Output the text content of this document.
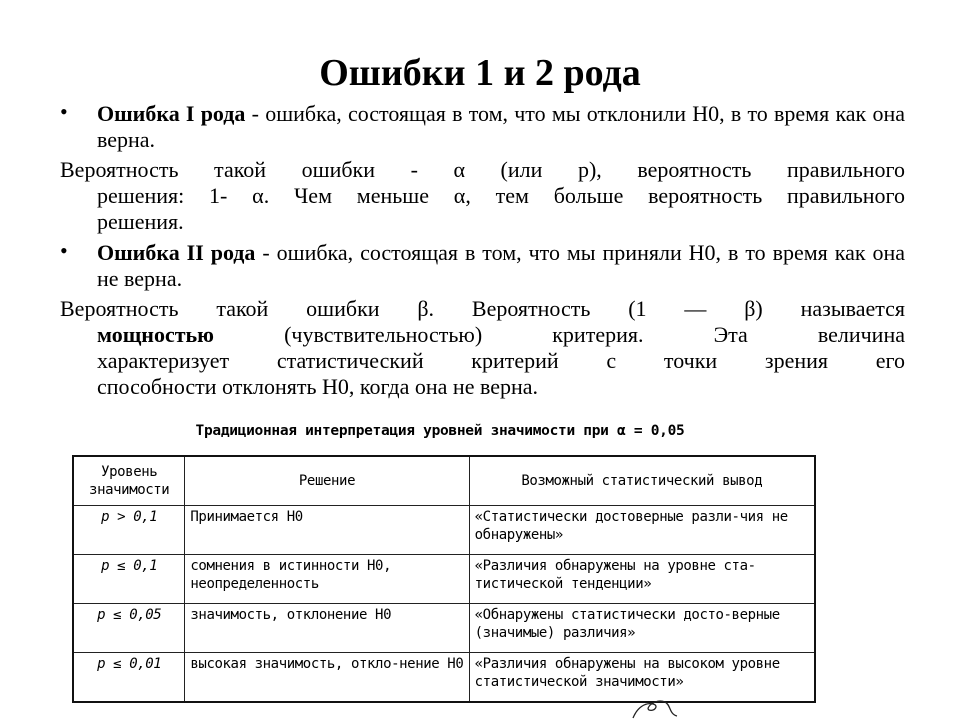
Ошибки 1 и 2 рода
• Ошибка I рода - ошибка, состоящая в том, что мы отклонили Н0, в то время как она верна.
Вероятность такой ошибки - α (или p), вероятность правильного
решения: 1- α. Чем меньше α, тем больше вероятность правильного
решения.
• Ошибка II рода - ошибка, состоящая в том, что мы приняли Н0, в то время как она не верна.
Вероятность такой ошибки β. Вероятность (1 — β) называется
мощностью (чувствительностью) критерия. Эта величина
характеризует статистический критерий с точки зрения его
способности отклонять Н0, когда она не верна.
Традиционная интерпретация уровней значимости при α = 0,05
Уровень значимости	Решение	Возможный статистический вывод
p > 0,1	Принимается H0	«Статистически достоверные разли-чия не обнаружены»
p ≤ 0,1	сомнения в истинности H0, неопределенность	«Различия обнаружены на уровне ста-тистической тенденции»
p ≤ 0,05	значимость, отклонение H0	«Обнаружены статистически досто-верные (значимые) различия»
p ≤ 0,01	высокая значимость, откло-нение H0	«Различия обнаружены на высоком уровне статистической значимости»
